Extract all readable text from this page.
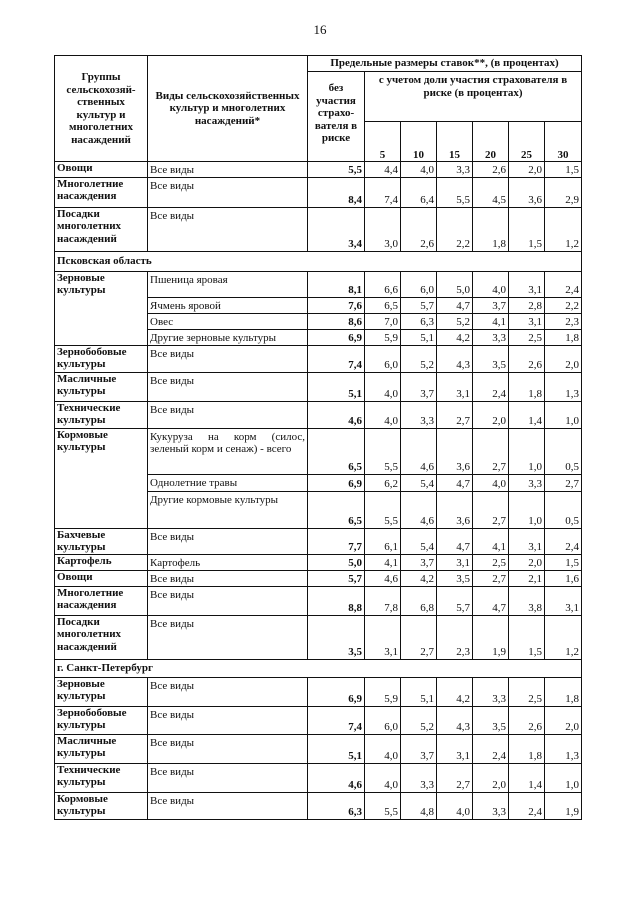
16
Группы сельскохозяй-ственных культур и многолетних насаждений	Виды сельскохозяйственных культур и многолетних насаждений*	Предельные размеры ставок**, (в процентах)						
		без участия страхо-вателя в риске	с учетом доли участия страхователя в риске (в процентах)					
			5	10	15	20	25	30
Овощи	Все виды	5,5	4,4	4,0	3,3	2,6	2,0	1,5
Многолетние насаждения	Все виды	8,4	7,4	6,4	5,5	4,5	3,6	2,9
Посадки многолетних насаждений	Все виды	3,4	3,0	2,6	2,2	1,8	1,5	1,2
Псковская область								
Зерновые культуры	Пшеница яровая	8,1	6,6	6,0	5,0	4,0	3,1	2,4
	Ячмень яровой	7,6	6,5	5,7	4,7	3,7	2,8	2,2
	Овес	8,6	7,0	6,3	5,2	4,1	3,1	2,3
	Другие зерновые культуры	6,9	5,9	5,1	4,2	3,3	2,5	1,8
Зернобобовые культуры	Все виды	7,4	6,0	5,2	4,3	3,5	2,6	2,0
Масличные культуры	Все виды	5,1	4,0	3,7	3,1	2,4	1,8	1,3
Технические культуры	Все виды	4,6	4,0	3,3	2,7	2,0	1,4	1,0
Кормовые культуры	Кукуруза на корм (силос, зеленый корм и сенаж) - всего	6,5	5,5	4,6	3,6	2,7	1,0	0,5
	Однолетние травы	6,9	6,2	5,4	4,7	4,0	3,3	2,7
	Другие кормовые культуры	6,5	5,5	4,6	3,6	2,7	1,0	0,5
Бахчевые культуры	Все виды	7,7	6,1	5,4	4,7	4,1	3,1	2,4
Картофель	Картофель	5,0	4,1	3,7	3,1	2,5	2,0	1,5
Овощи	Все виды	5,7	4,6	4,2	3,5	2,7	2,1	1,6
Многолетние насаждения	Все виды	8,8	7,8	6,8	5,7	4,7	3,8	3,1
Посадки многолетних насаждений	Все виды	3,5	3,1	2,7	2,3	1,9	1,5	1,2
г. Санкт-Петербург								
Зерновые культуры	Все виды	6,9	5,9	5,1	4,2	3,3	2,5	1,8
Зернобобовые культуры	Все виды	7,4	6,0	5,2	4,3	3,5	2,6	2,0
Масличные культуры	Все виды	5,1	4,0	3,7	3,1	2,4	1,8	1,3
Технические культуры	Все виды	4,6	4,0	3,3	2,7	2,0	1,4	1,0
Кормовые культуры	Все виды	6,3	5,5	4,8	4,0	3,3	2,4	1,9
